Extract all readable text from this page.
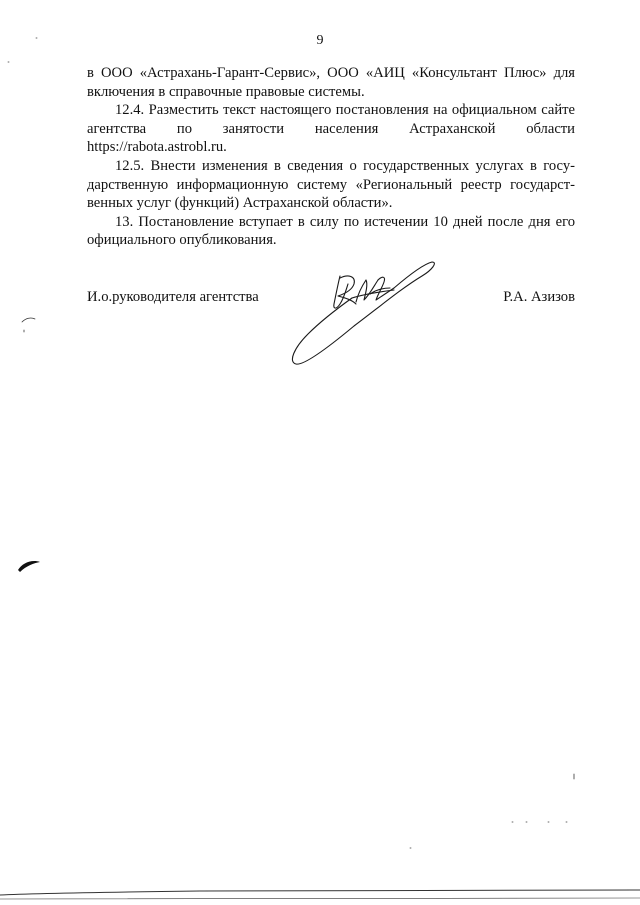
9

в ООО «Астрахань-Гарант-Сервис», ООО «АИЦ «Консультант Плюс» для
включения в справочные правовые системы.

12.4. Разместить текст настоящего постановления на официальном сайте
агентства по занятости населения Астраханской области
https://rabota.astrobl.ru.

12.5. Внести изменения в сведения о государственных услугах в госу-
дарственную информационную систему «Региональный реестр государст-
венных услуг (функций) Астраханской области».

13. Постановление вступает в силу по истечении 10 дней после дня его
официального опубликования.

И.о.руководителя агентства	Р.А. Азизов
